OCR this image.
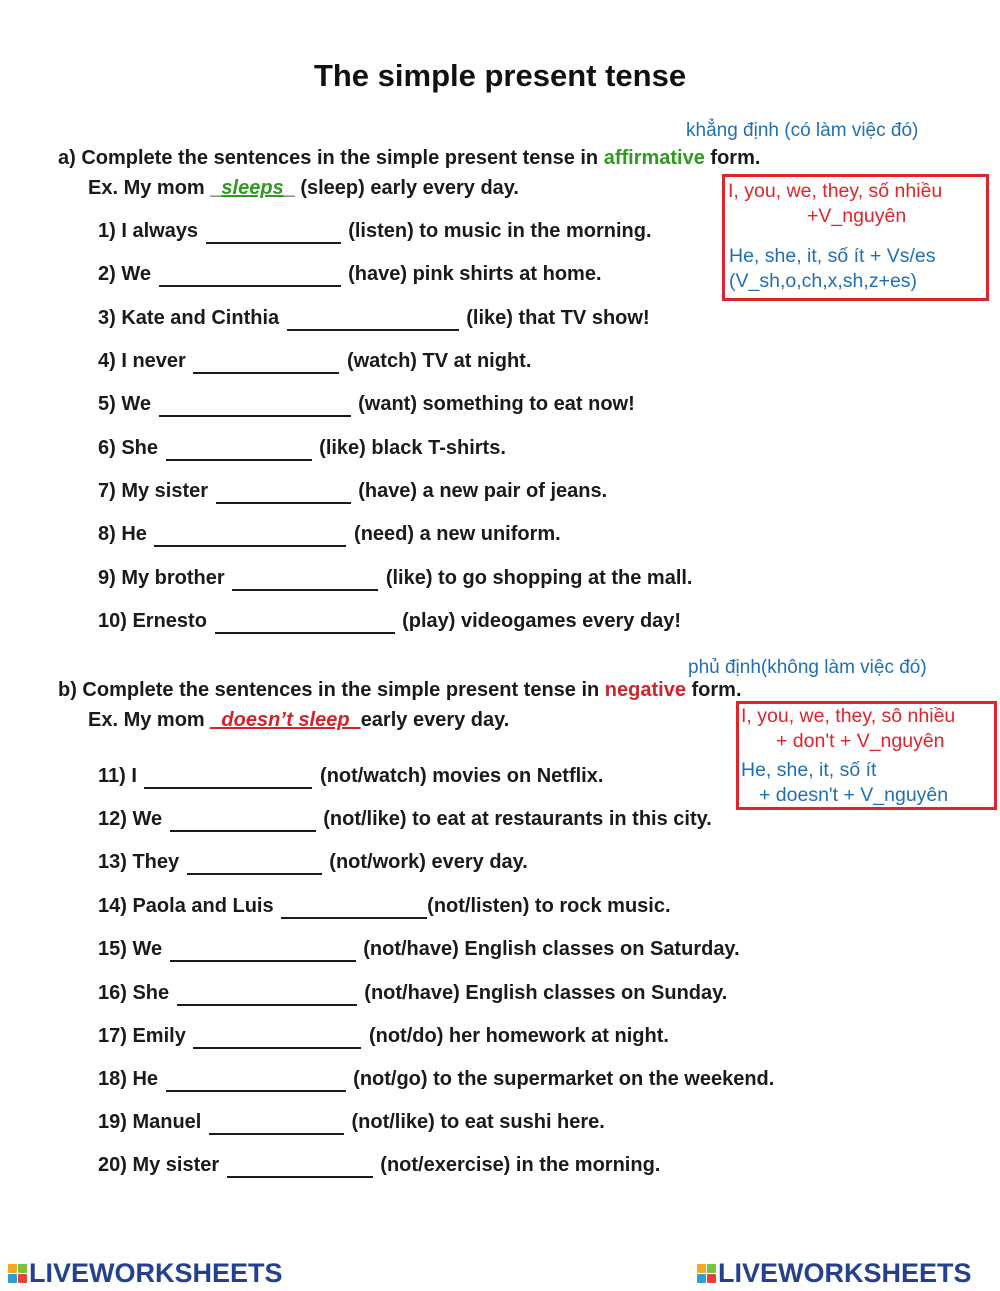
The simple present tense
khẳng định (có làm việc đó)
a) Complete the sentences in the simple present tense in affirmative form.
Ex. My mom _sleeps_ (sleep) early every day.	I, you, we, they, số nhiều
+V_nguyên
He, she, it, số ít + Vs/es
(V_sh,o,ch,x,sh,z+es)
1) I always	(listen) to music in the morning.
2) We	(have) pink shirts at home.
3) Kate and Cinthia	(like) that TV show!
4) I never	(watch) TV at night.
5) We	(want) something to eat now!
6) She	(like) black T-shirts.
7) My sister	(have) a new pair of jeans.
8) He	(need) a new uniform.
9) My brother	(like) to go shopping at the mall.
10) Ernesto	(play) videogames every day!
phủ định(không làm việc đó)
b) Complete the sentences in the simple present tense in negative form.
Ex. My mom _doesn’t sleep_early every day.	I, you, we, they, sô nhiều
+ don't + V_nguyên
He, she, it, số ít
+ doesn't + V_nguyên
11) I	(not/watch) movies on Netflix.
12) We	(not/like) to eat at restaurants in this city.
13) They	(not/work) every day.
14) Paola and Luis	(not/listen) to rock music.
15) We	(not/have) English classes on Saturday.
16) She	(not/have) English classes on Sunday.
17) Emily	(not/do) her homework at night.
18) He	(not/go) to the supermarket on the weekend.
19) Manuel	(not/like) to eat sushi here.
20) My sister	(not/exercise) in the morning.
LIVEWORKSHEETS	LIVEWORKSHEETS
